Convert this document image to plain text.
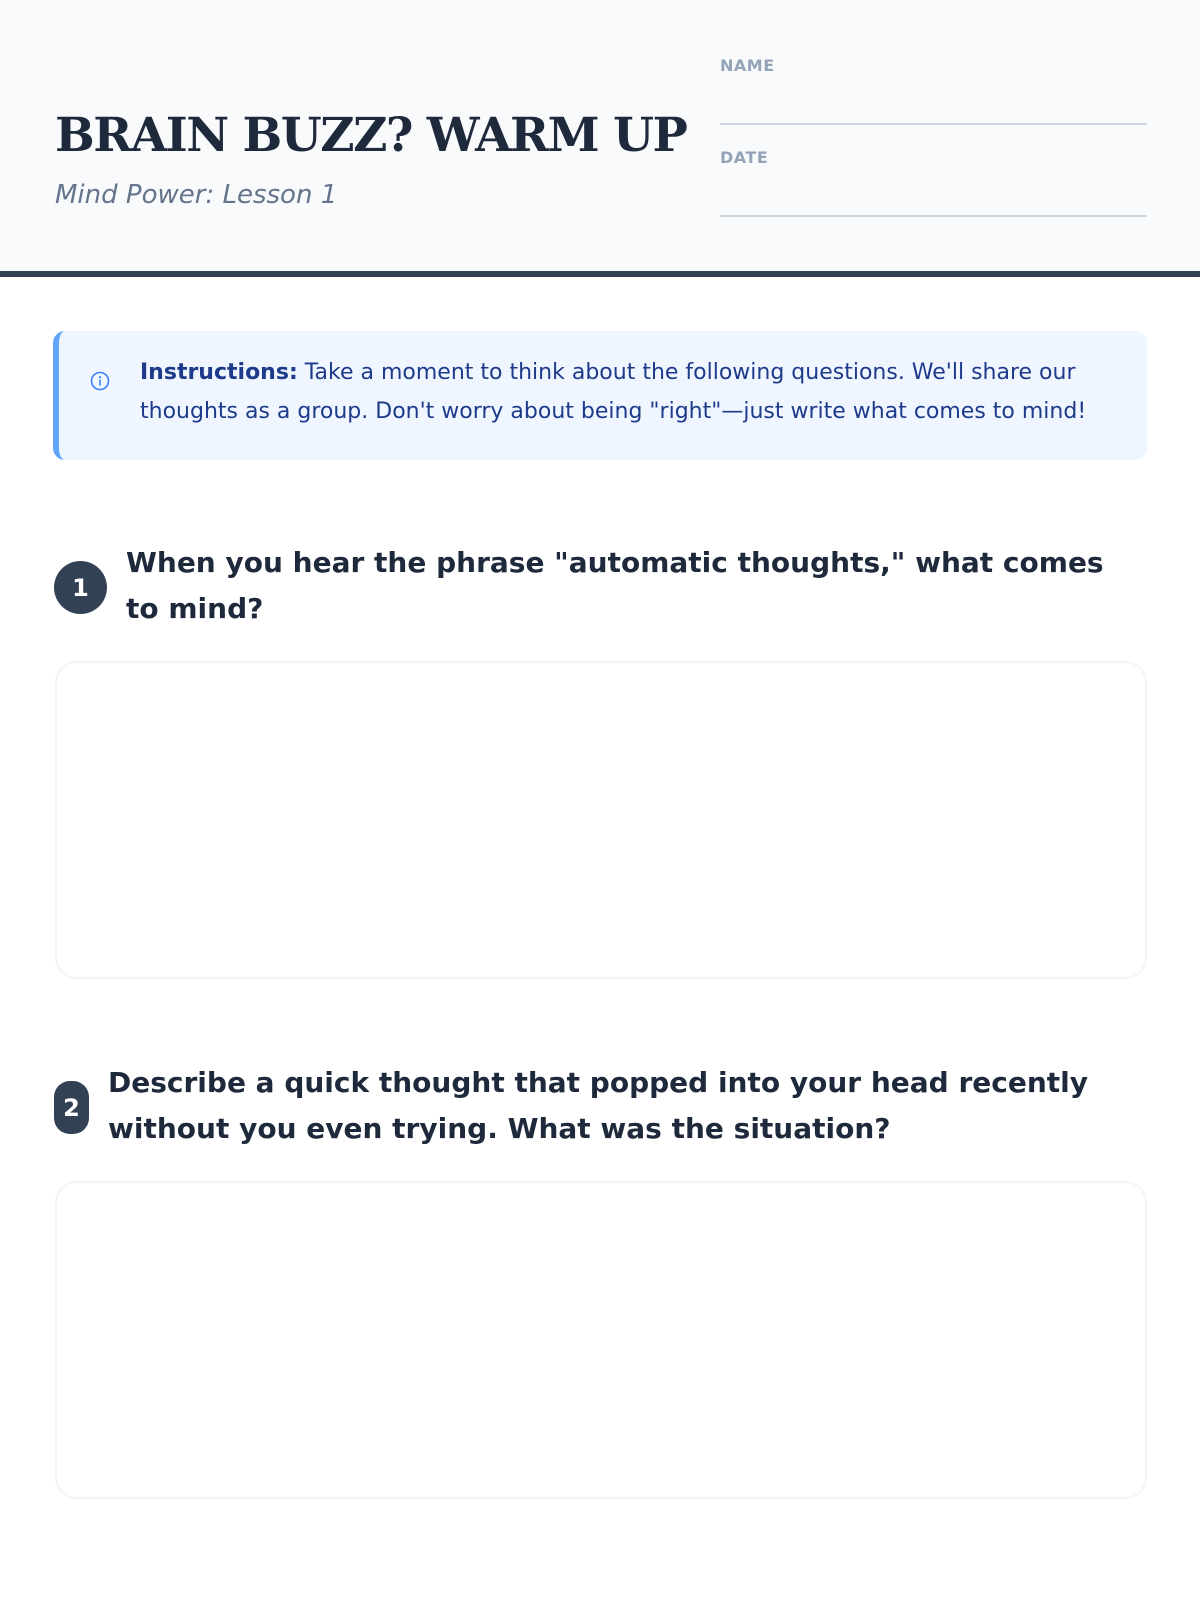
BRAIN BUZZ? WARM UP

Mind Power: Lesson 1

NAME
DATE

Instructions: Take a moment to think about the following questions. We'll share our thoughts as a group. Don't worry about being "right"—just write what comes to mind!

1

When you hear the phrase "automatic thoughts," what comes to mind?

2

Describe a quick thought that popped into your head recently without you even trying. What was the situation?
